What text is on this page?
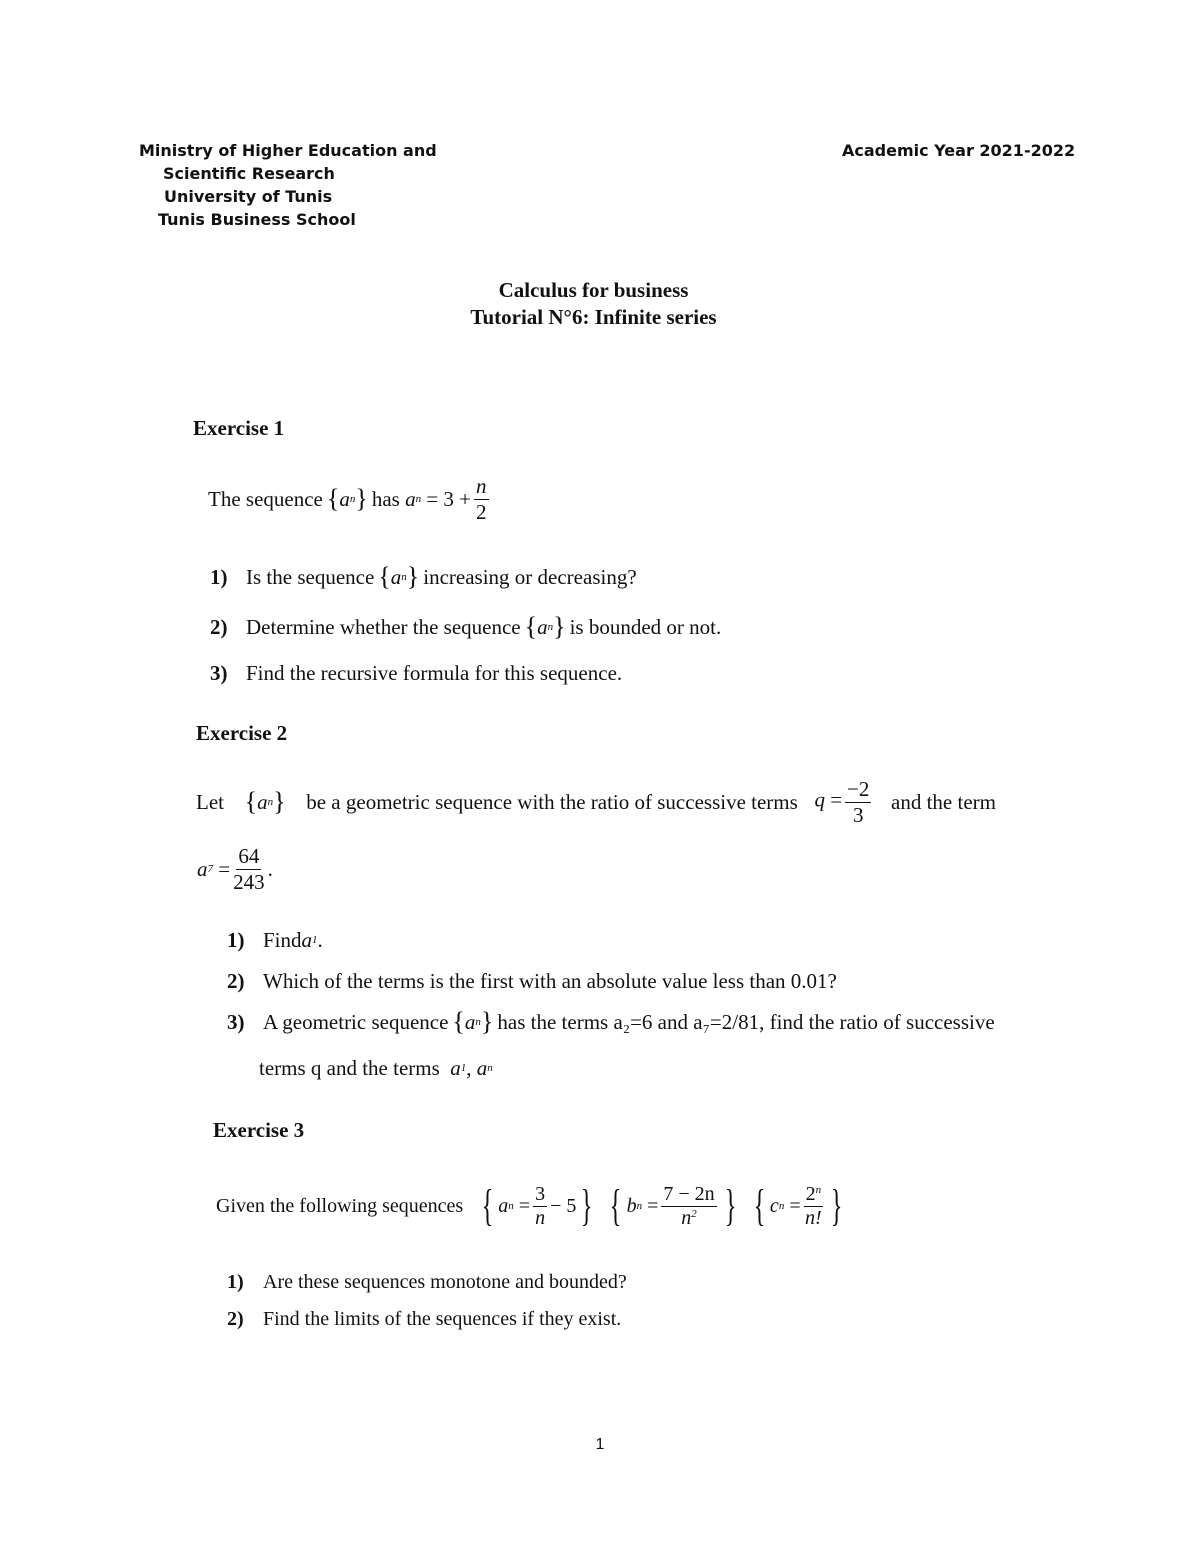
Ministry of Higher Education and
Scientific Research
University of Tunis
Tunis Business School
Academic Year 2021-2022
Calculus for business
Tutorial N°6: Infinite series
Exercise 1
The sequence { a n } has
a n
= $3 + \frac{n}{2}$
1) Is the sequence { a n } increasing or decreasing?
2) Determine whether the sequence { a n } is bounded or not.
3) Find the recursive formula for this sequence.
Exercise 2
Let { a n } be a geometric sequence with the ratio of successive terms $q = \frac{-2}{3}$ and the term
a 7
= $\frac{64}{243}$ .
1) Find a 1 .
2) Which of the terms is the first with an absolute value less than 0.01?
3) A geometric sequence { a n } has the terms a₂=6 and a₇=2/81, find the ratio of successive
terms q and the terms
a 1 ,
a n
Exercise 3
Given the following sequences { a n
= $\frac{3}{n} - 5$ } { b n
= $\frac{7 - 2n}{n^2}$ } { c n
= $\frac{2^n}{n!}$ }
1) Are these sequences monotone and bounded?
2) Find the limits of the sequences if they exist.
1
